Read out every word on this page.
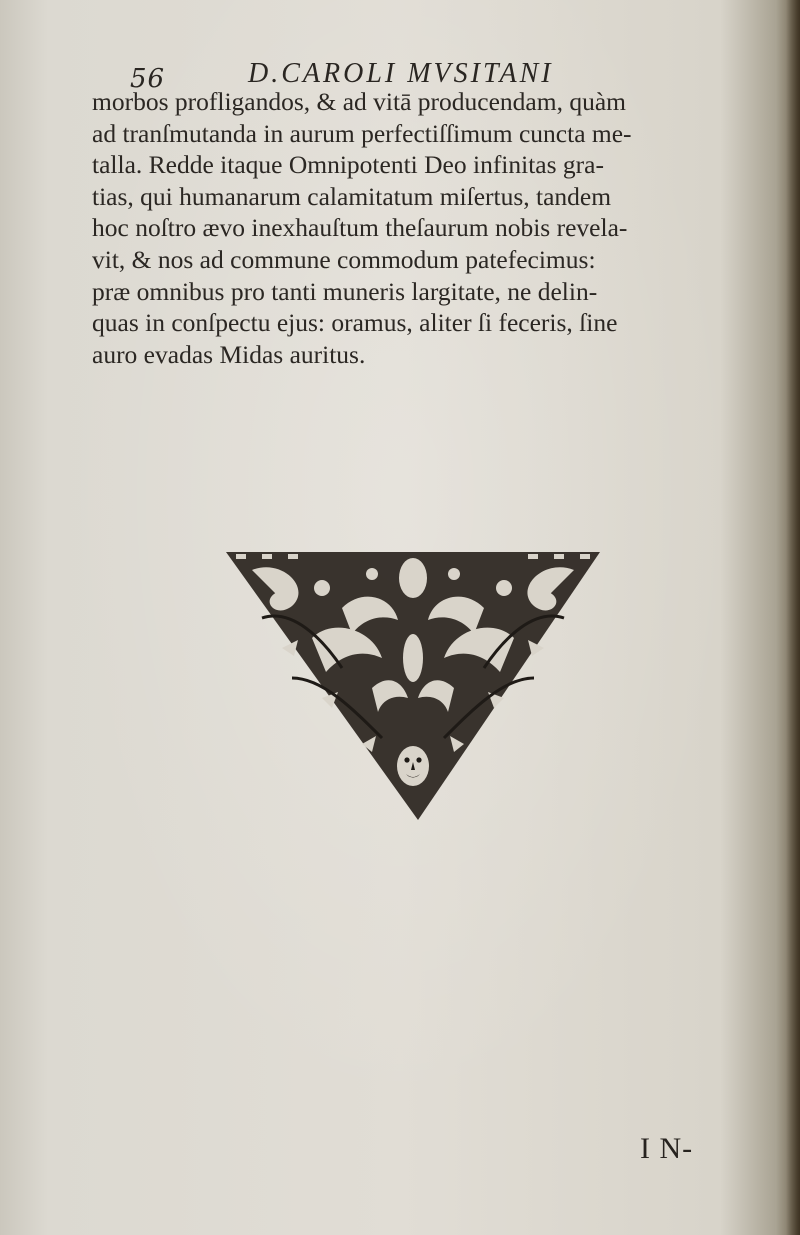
56	D.CAROLI MVSITANI
morbos profligandos, & ad vitā producendam, quàm
ad tranſmutanda in aurum perfectiſſimum cuncta me-
talla. Redde itaque Omnipotenti Deo infinitas gra-
tias, qui humanarum calamitatum miſertus, tandem
hoc noſtro ævo inexhauſtum theſaurum nobis revela-
vit, & nos ad commune commodum patefecimus:
præ omnibus pro tanti muneris largitate, ne delin-
quas in conſpectu ejus: oramus, aliter ſi feceris, ſine
auro evadas Midas auritus.
I N-
